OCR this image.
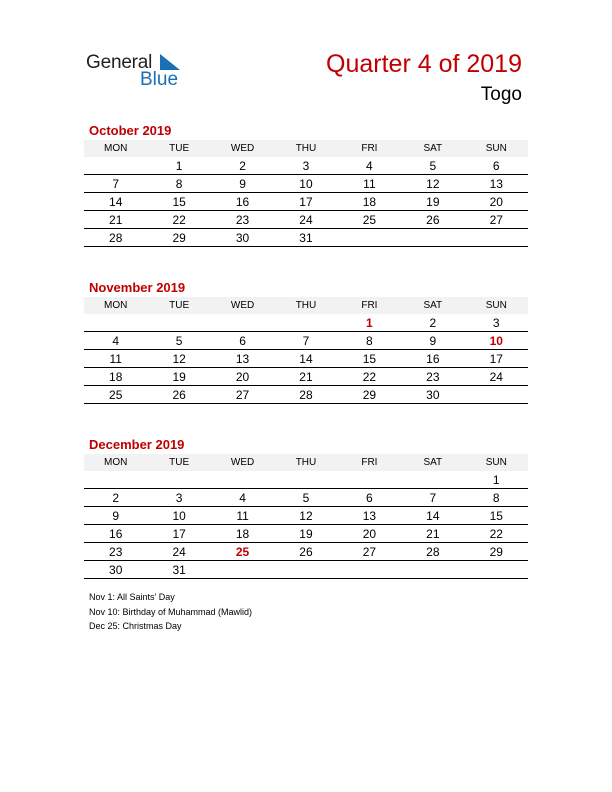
General
Blue
Quarter 4 of 2019
Togo
October 2019
MON	TUE	WED	THU	FRI	SAT	SUN
	1	2	3	4	5	6
7	8	9	10	11	12	13
14	15	16	17	18	19	20
21	22	23	24	25	26	27
28	29	30	31			
November 2019
MON	TUE	WED	THU	FRI	SAT	SUN
				1	2	3
4	5	6	7	8	9	10
11	12	13	14	15	16	17
18	19	20	21	22	23	24
25	26	27	28	29	30	
December 2019
MON	TUE	WED	THU	FRI	SAT	SUN
						1
2	3	4	5	6	7	8
9	10	11	12	13	14	15
16	17	18	19	20	21	22
23	24	25	26	27	28	29
30	31					
Nov 1: All Saints’ Day
Nov 10: Birthday of Muhammad (Mawlid)
Dec 25: Christmas Day
